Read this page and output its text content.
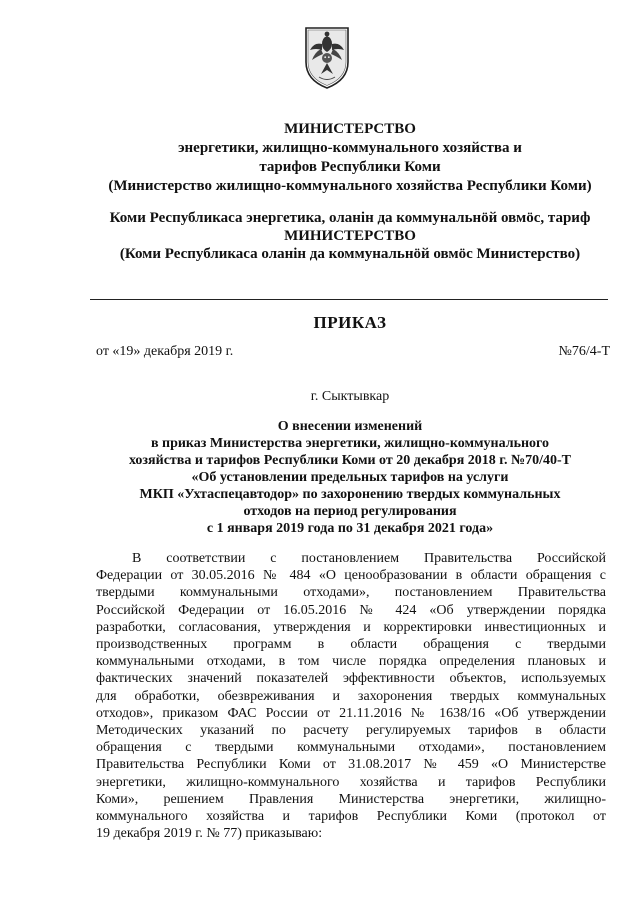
МИНИСТЕРСТВО
энергетики, жилищно-коммунального хозяйства и
тарифов Республики Коми
(Министерство жилищно-коммунального хозяйства Республики Коми)
Коми Республикаса энергетика, оланiн да коммунальнӧй овмӧс, тариф
МИНИСТЕРСТВО
(Коми Республикаса оланiн да коммунальнӧй овмӧс Министерство)
ПРИКАЗ
от «19» декабря 2019 г.	№76/4-Т
г. Сыктывкар
О внесении изменений
в приказ Министерства энергетики, жилищно-коммунального
хозяйства и тарифов Республики Коми от 20 декабря 2018 г. №70/40-Т
«Об установлении предельных тарифов на услуги
МКП «Ухтаспецавтодор» по захоронению твердых коммунальных
отходов на период регулирования
с 1 января 2019 года по 31 декабря 2021 года»
В соответствии с постановлением Правительства Российской
Федерации от 30.05.2016 № 484 «О ценообразовании в области обращения с
твердыми коммунальными отходами», постановлением Правительства
Российской Федерации от 16.05.2016 № 424 «Об утверждении порядка
разработки, согласования, утверждения и корректировки инвестиционных и
производственных программ в области обращения с твердыми
коммунальными отходами, в том числе порядка определения плановых и
фактических значений показателей эффективности объектов, используемых
для обработки, обезвреживания и захоронения твердых коммунальных
отходов», приказом ФАС России от 21.11.2016 № 1638/16 «Об утверждении
Методических указаний по расчету регулируемых тарифов в области
обращения с твердыми коммунальными отходами», постановлением
Правительства Республики Коми от 31.08.2017 № 459 «О Министерстве
энергетики, жилищно-коммунального хозяйства и тарифов Республики
Коми», решением Правления Министерства энергетики, жилищно-
коммунального хозяйства и тарифов Республики Коми (протокол от
19 декабря 2019 г. № 77) приказываю:
